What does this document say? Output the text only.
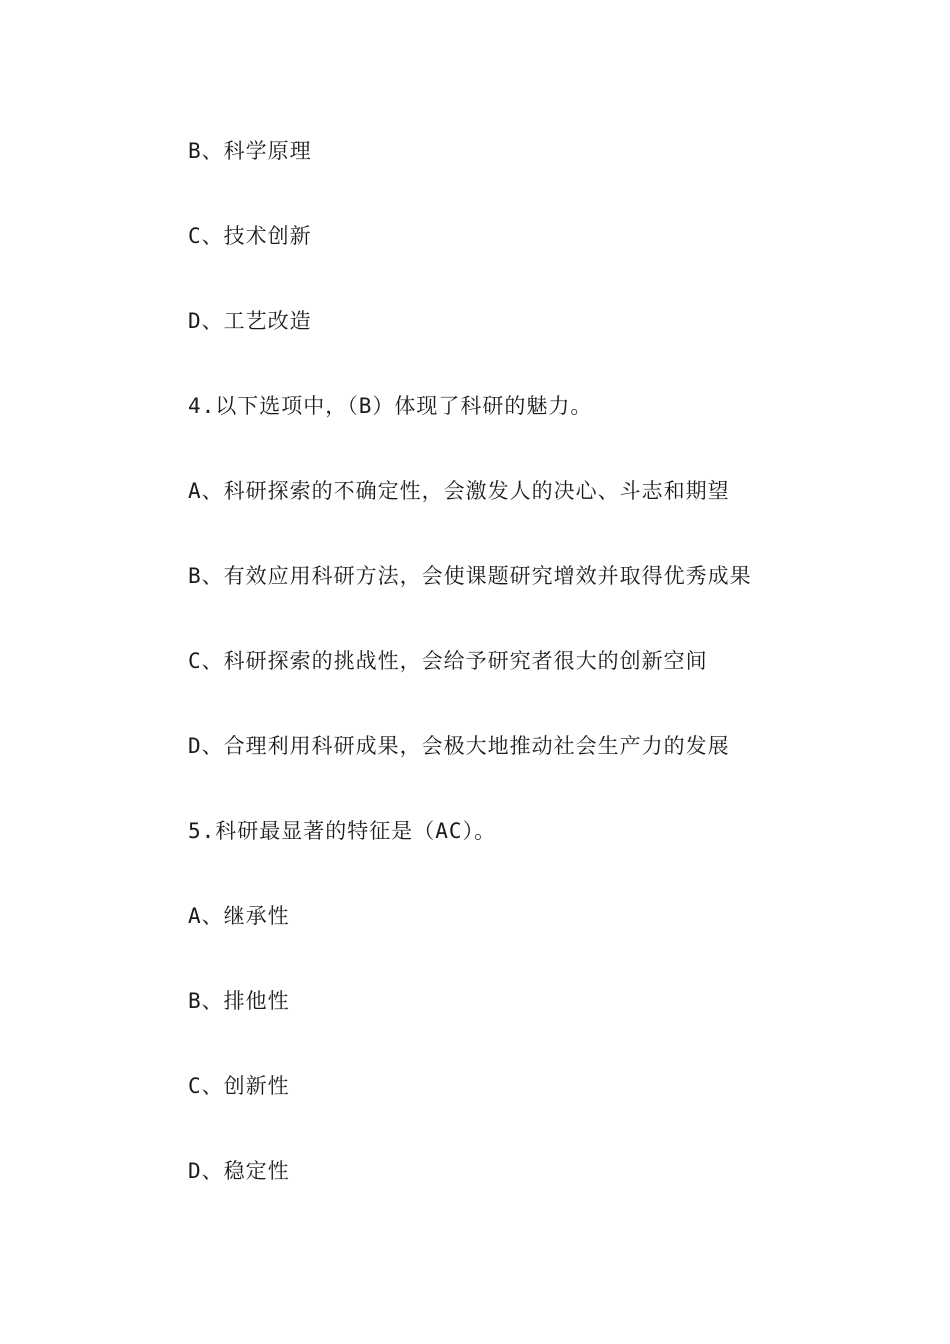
B、科学原理
C、技术创新
D、工艺改造
4.以下选项中，（B）体现了科研的魅力。
A、科研探索的不确定性，会激发人的决心、斗志和期望
B、有效应用科研方法，会使课题研究增效并取得优秀成果
C、科研探索的挑战性，会给予研究者很大的创新空间
D、合理利用科研成果，会极大地推动社会生产力的发展
5.科研最显著的特征是（AC）。
A、继承性
B、排他性
C、创新性
D、稳定性
